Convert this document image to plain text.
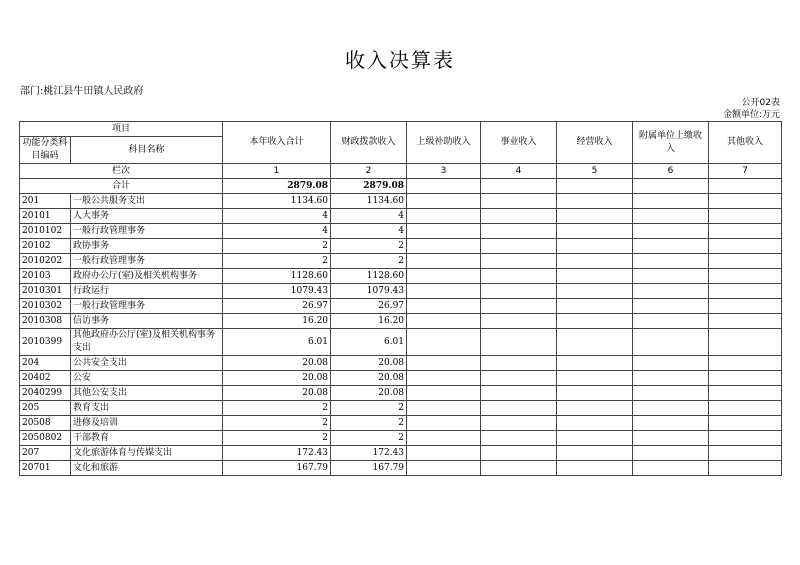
收入决算表
部门:桃江县牛田镇人民政府
公开02表
金额单位:万元
项目		本年收入合计	财政拨款收入	上级补助收入	事业收入	经营收入	附属单位上缴收入	其他收入
功能分类科目编码	科目名称							

栏次		1	2	3	4	5	6	7
合计		2879.08	2879.08					
201	一般公共服务支出	1134.60	1134.60					
20101	人大事务	4	4					
2010102	一般行政管理事务	4	4					
20102	政协事务	2	2					
2010202	一般行政管理事务	2	2					
20103	政府办公厅(室)及相关机构事务	1128.60	1128.60					
2010301	行政运行	1079.43	1079.43					
2010302	一般行政管理事务	26.97	26.97					
2010308	信访事务	16.20	16.20					
2010399	其他政府办公厅(室)及相关机构事务支出	6.01	6.01					
204	公共安全支出	20.08	20.08					
20402	公安	20.08	20.08					
2040299	其他公安支出	20.08	20.08					
205	教育支出	2	2					
20508	进修及培训	2	2					
2050802	干部教育	2	2					
207	文化旅游体育与传媒支出	172.43	172.43					
20701	文化和旅游	167.79	167.79					
